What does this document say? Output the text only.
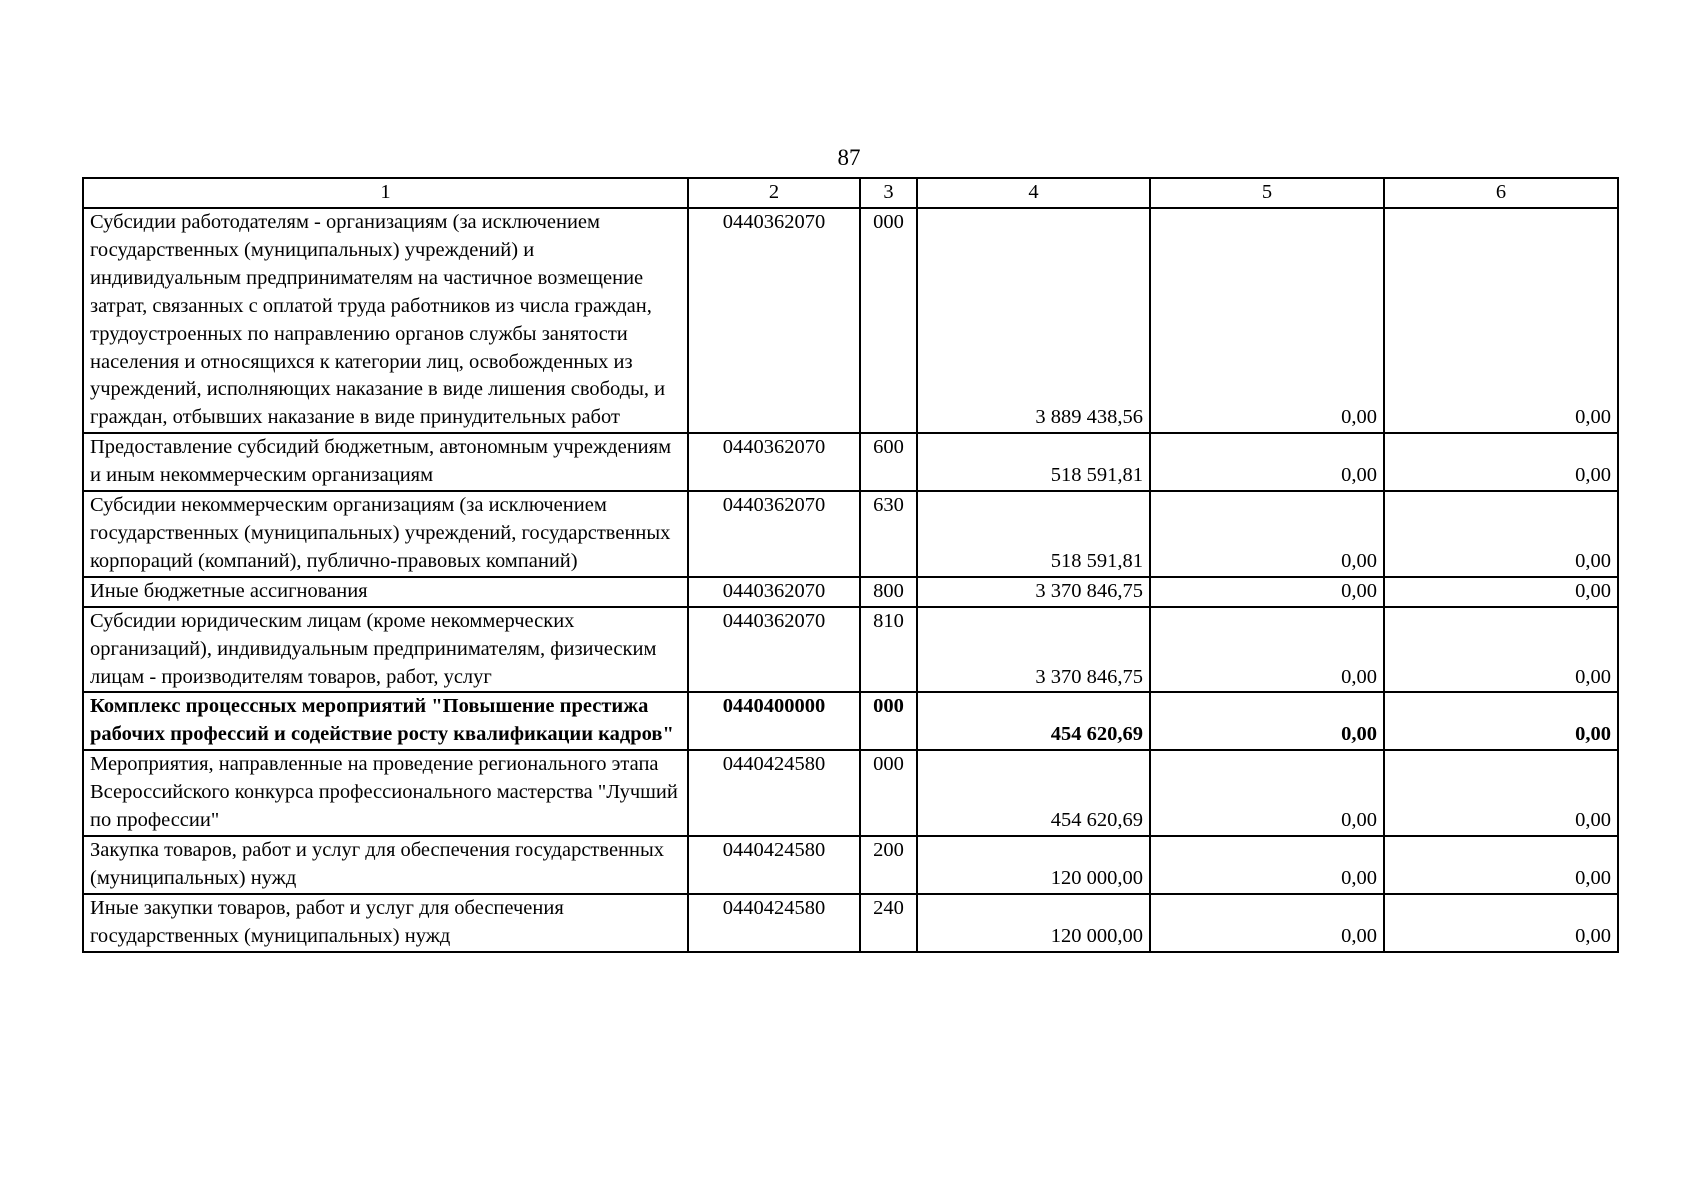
87
1	2	3	4	5	6
Субсидии работодателям - организациям (за исключением государственных (муниципальных) учреждений) и индивидуальным предпринимателям на частичное возмещение затрат, связанных с оплатой труда работников из числа граждан, трудоустроенных по направлению органов службы занятости населения и относящихся к категории лиц, освобожденных из учреждений, исполняющих наказание в виде лишения свободы, и граждан, отбывших наказание в виде принудительных работ	0440362070	000	3 889 438,56	0,00	0,00
Предоставление субсидий бюджетным, автономным учреждениям и иным некоммерческим организациям	0440362070	600	518 591,81	0,00	0,00
Субсидии некоммерческим организациям (за исключением государственных (муниципальных) учреждений, государственных корпораций (компаний), публично-правовых компаний)	0440362070	630	518 591,81	0,00	0,00
Иные бюджетные ассигнования	0440362070	800	3 370 846,75	0,00	0,00
Субсидии юридическим лицам (кроме некоммерческих организаций), индивидуальным предпринимателям, физическим лицам - производителям товаров, работ, услуг	0440362070	810	3 370 846,75	0,00	0,00
Комплекс процессных мероприятий "Повышение престижа рабочих профессий и содействие росту квалификации кадров"	0440400000	000	454 620,69	0,00	0,00
Мероприятия, направленные на проведение регионального этапа Всероссийского конкурса профессионального мастерства "Лучший по профессии"	0440424580	000	454 620,69	0,00	0,00
Закупка товаров, работ и услуг для обеспечения государственных (муниципальных) нужд	0440424580	200	120 000,00	0,00	0,00
Иные закупки товаров, работ и услуг для обеспечения государственных (муниципальных) нужд	0440424580	240	120 000,00	0,00	0,00
